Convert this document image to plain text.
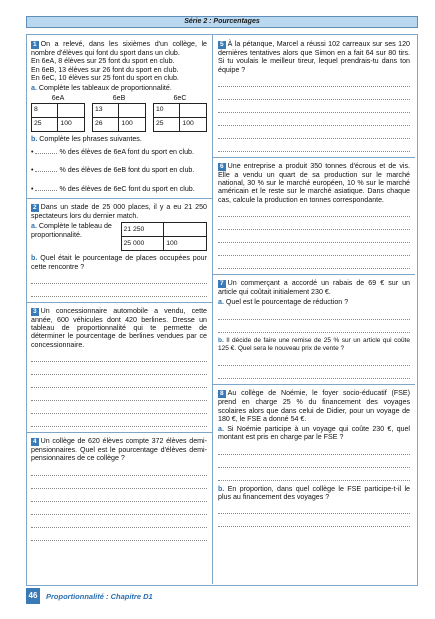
Série 2 : Pourcentages

1 On a relevé, dans les sixièmes d'un collège, le nombre d'élèves qui font du sport dans un club.

En 6eA, 8 élèves sur 25 font du sport en club.
En 6eB, 13 élèves sur 26 font du sport en club.
En 6eC, 10 élèves sur 25 font du sport en club.
a. Complète les tableaux de proportionnalité.
6eA
8	
25	100
6eB
13	
26	100
6eC
10	
25	100
b. Complète les phrases suivantes.
•	% des élèves de 6eA font du sport en club.
•	% des élèves de 6eB font du sport en club.
•	% des élèves de 6eC font du sport en club.

2 Dans un stade de 25 000 places, il y a eu 21 250 spectateurs lors du dernier match.

a. Complète le tableau de proportionnalité.
21 250	
25 000	100

b. Quel était le pourcentage de places occupées pour cette rencontre ?

3 Un concessionnaire automobile a vendu, cette année, 600 véhicules dont 420 berlines. Dresse un tableau de proportionnalité qui te permette de déterminer le pourcentage de berlines vendues par ce concessionnaire.

4 Un collège de 620 élèves compte 372 élèves demi-pensionnaires. Quel est le pourcentage d'élèves demi-pensionnaires de ce collège ?

5 À la pétanque, Marcel a réussi 102 carreaux sur ses 120 dernières tentatives alors que Simon en a fait 64 sur 80 tirs. Si tu voulais le meilleur tireur, lequel prendrais-tu dans ton équipe ?

6 Une entreprise a produit 350 tonnes d'écrous et de vis. Elle a vendu un quart de sa production sur le marché national, 30 % sur le marché européen, 10 % sur le marché américain et le reste sur le marché asiatique. Dans chaque cas, calcule la production en tonnes correspondante.

7 Un commerçant a accordé un rabais de 69 € sur un article qui coûtait initialement 230 €.

a. Quel est le pourcentage de réduction ?

b. Il décide de faire une remise de 25 % sur un article qui coûte 125 €. Quel sera le nouveau prix de vente ?

8 Au collège de Noémie, le foyer socio-éducatif (FSE) prend en charge 25 % du financement des voyages scolaires alors que dans celui de Didier, pour un voyage de 180 €, le FSE a donné 54 €.

a. Si Noémie participe à un voyage qui coûte 230 €, quel montant est pris en charge par le FSE ?

b. En proportion, dans quel collège le FSE participe-t-il le plus au financement des voyages ?

46	Proportionnalité : Chapitre D1
